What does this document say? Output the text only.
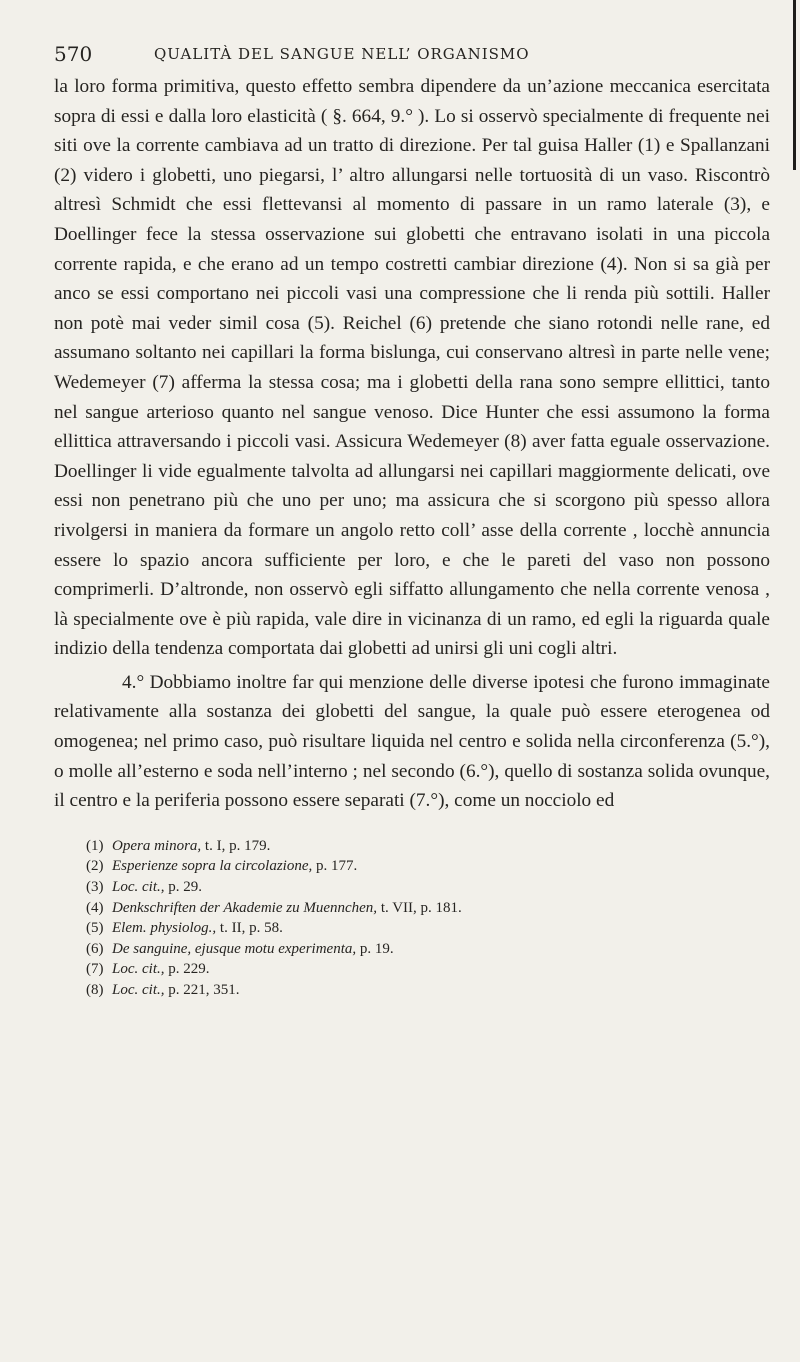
570	QUALITÀ DEL SANGUE NELL’ ORGANISMO

la loro forma primitiva, questo effetto sembra dipendere da un’azione meccanica esercitata sopra di essi e dalla loro elasticità ( §. 664, 9.° ). Lo si osservò specialmente di frequente nei siti ove la corrente cambiava ad un tratto di direzione. Per tal guisa Haller (1) e Spallanzani (2) videro i globetti, uno piegarsi, l’ altro allungarsi nelle tortuosità di un vaso. Riscontrò altresì Schmidt che essi flettevansi al momento di passare in un ramo laterale (3), e Doellinger fece la stessa osservazione sui globetti che entravano isolati in una piccola corrente rapida, e che erano ad un tempo costretti cambiar direzione (4). Non si sa già per anco se essi comportano nei piccoli vasi una compressione che li renda più sottili. Haller non potè mai veder simil cosa (5). Reichel (6) pretende che siano rotondi nelle rane, ed assumano soltanto nei capillari la forma bislunga, cui conservano altresì in parte nelle vene; Wedemeyer (7) afferma la stessa cosa; ma i globetti della rana sono sempre ellittici, tanto nel sangue arterioso quanto nel sangue venoso. Dice Hunter che essi assumono la forma ellittica attraversando i piccoli vasi. Assicura Wedemeyer (8) aver fatta eguale osservazione. Doellinger li vide egualmente talvolta ad allungarsi nei capillari maggiormente delicati, ove essi non penetrano più che uno per uno; ma assicura che si scorgono più spesso allora rivolgersi in maniera da formare un angolo retto coll’ asse della corrente , locchè annuncia essere lo spazio ancora sufficiente per loro, e che le pareti del vaso non possono comprimerli. D’altronde, non osservò egli siffatto allungamento che nella corrente venosa , là specialmente ove è più rapida, vale dire in vicinanza di un ramo, ed egli la riguarda quale indizio della tendenza comportata dai globetti ad unirsi gli uni cogli altri.

4.° Dobbiamo inoltre far qui menzione delle diverse ipotesi che furono immaginate relativamente alla sostanza dei globetti del sangue, la quale può essere eterogenea od omogenea; nel primo caso, può risultare liquida nel centro e solida nella circonferenza (5.°), o molle all’esterno e soda nell’interno ; nel secondo (6.°), quello di sostanza solida ovunque, il centro e la periferia possono essere separati (7.°), come un nocciolo ed

(1) Opera minora, t. I, p. 179.

(2) Esperienze sopra la circolazione, p. 177.

(3) Loc. cit., p. 29.

(4) Denkschriften der Akademie zu Muennchen, t. VII, p. 181.

(5) Elem. physiolog., t. II, p. 58.

(6) De sanguine, ejusque motu experimenta, p. 19.

(7) Loc. cit., p. 229.

(8) Loc. cit., p. 221, 351.
